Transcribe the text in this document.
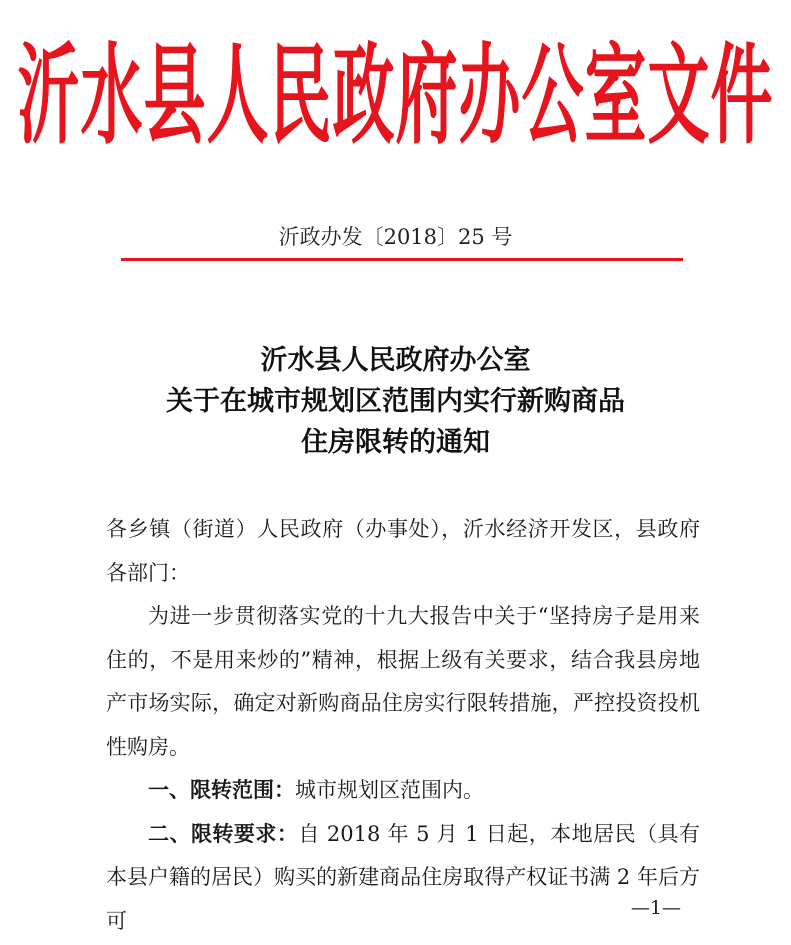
沂水县人民政府办公室文件
沂政办发〔2018〕25 号
沂水县人民政府办公室
关于在城市规划区范围内实行新购商品
住房限转的通知

各乡镇（街道）人民政府（办事处），沂水经济开发区，县政府各部门：

为进一步贯彻落实党的十九大报告中关于“坚持房子是用来住的，不是用来炒的”精神，根据上级有关要求，结合我县房地产市场实际，确定对新购商品住房实行限转措施，严控投资投机性购房。

一、限转范围：城市规划区范围内。

二、限转要求：自 2018 年 5 月 1 日起，本地居民（具有本县户籍的居民）购买的新建商品住房取得产权证书满 2 年后方可

—1—
